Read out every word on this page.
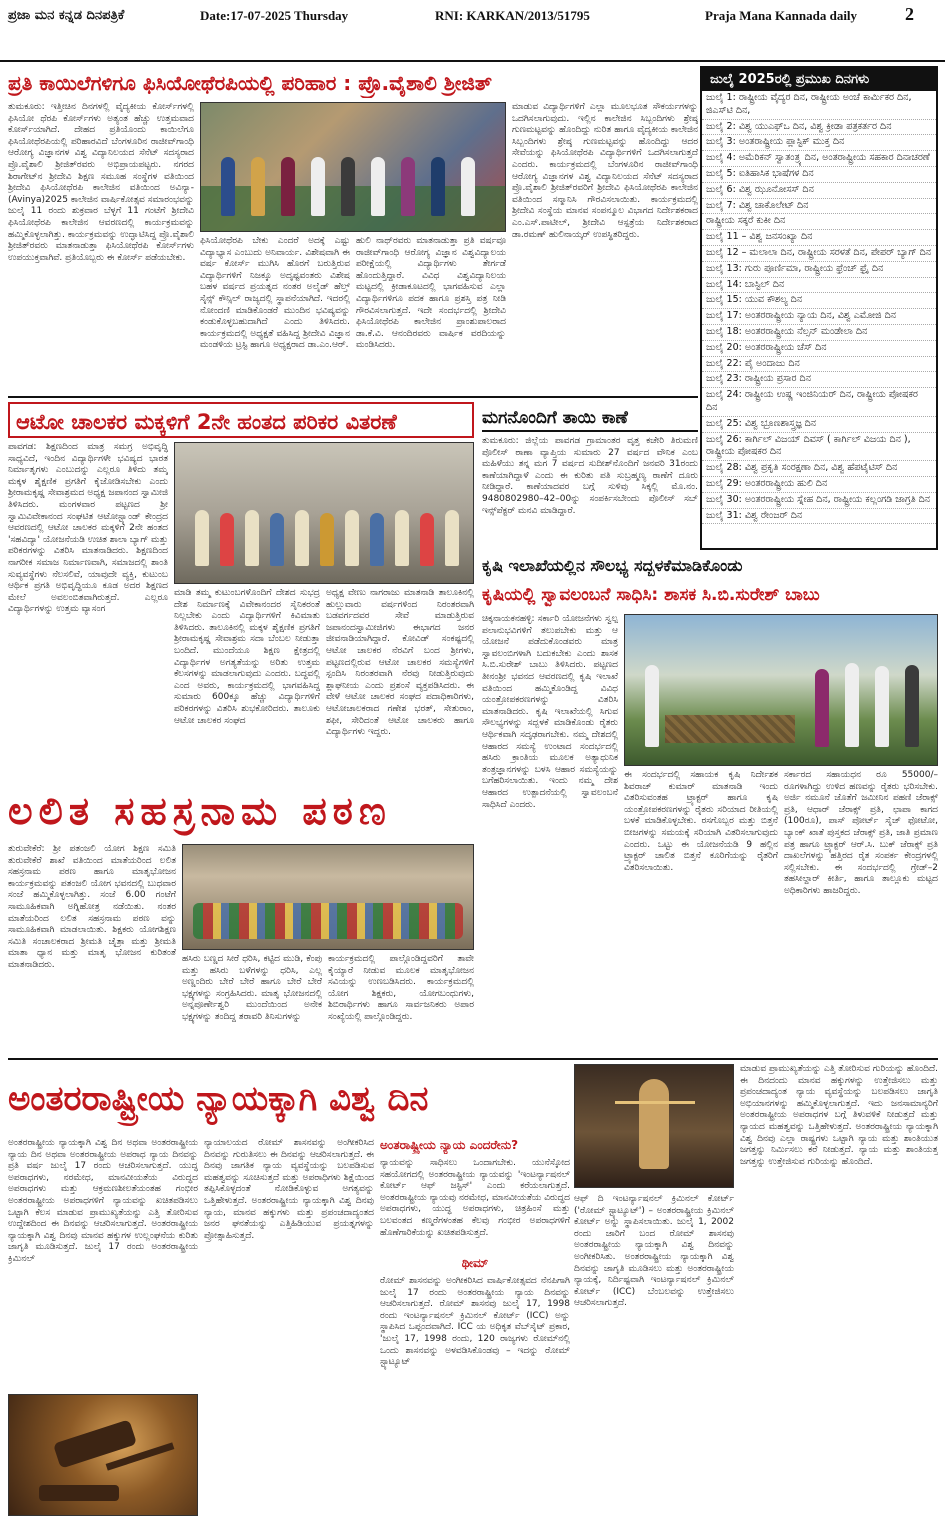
ಪ್ರಜಾ ಮನ ಕನ್ನಡ ದಿನಪತ್ರಿಕೆ	Date:17-07-2025 Thursday	RNI: KARKAN/2013/51795	Praja Mana Kannada daily	2
ಪ್ರತಿ ಕಾಯಿಲೆಗಳಿಗೂ ಫಿಸಿಯೋಥೆರಪಿಯಲ್ಲಿ ಪರಿಹಾರ : ಪ್ರೊ.ವೈಶಾಲಿ ಶ್ರೀಜಿತ್	ಜುಲೈ 2025ರಲ್ಲಿ ಪ್ರಮುಖ ದಿನಗಳು
ಜುಲೈ 1: ರಾಷ್ಟ್ರೀಯ ವೈದ್ಯರ ದಿನ, ರಾಷ್ಟ್ರೀಯ ಅಂಚೆ ಕಾರ್ಮಿಕರ ದಿನ, ಜಿಎಸ್‌ಟಿ ದಿನ,
ಜುಲೈ 2: ವಿಶ್ವ ಯುಎಫ್‌ಒ ದಿನ, ವಿಶ್ವ ಕ್ರೀಡಾ ಪತ್ರಕರ್ತರ ದಿನ
ಜುಲೈ 3: ಅಂತರಾಷ್ಟ್ರೀಯ ಪ್ಲಾಸ್ಟಿಕ್ ಮುಕ್ತ ದಿನ
ಜುಲೈ 4: ಅಮೆರಿಕನ್ ಸ್ವಾತಂತ್ರ್ಯ ದಿನ, ಅಂತರಾಷ್ಟ್ರೀಯ ಸಹಕಾರ ದಿನಾಚರಣೆ
ಜುಲೈ 5: ಐತಿಹಾಸಿಕ ಭಾಷೆಗಳ ದಿನ
ಜುಲೈ 6: ವಿಶ್ವ ಝೂನೋಸಸ್ ದಿನ
ಜುಲೈ 7: ವಿಶ್ವ ಚಾಕೊಲೇಟ್ ದಿನ
ರಾಷ್ಟ್ರೀಯ ಸಕ್ಕರೆ ಕುಕೀ ದಿನ
ಜುಲೈ 11 – ವಿಶ್ವ ಜನಸಂಖ್ಯಾ ದಿನ
ಜುಲೈ 12 – ಮಲಾಲಾ ದಿನ, ರಾಷ್ಟ್ರೀಯ ಸರಳತೆ ದಿನ, ಪೇಪರ್ ಬ್ಯಾಗ್ ದಿನ
ಜುಲೈ 13: ಗುರು ಪೂರ್ಣಿಮಾ, ರಾಷ್ಟ್ರೀಯ ಫ್ರೆಂಚ್ ಫ್ರೈ ದಿನ
ಜುಲೈ 14: ಬಾಸ್ಟಿಲ್ ದಿನ
ಜುಲೈ 15: ಯುವ ಕೌಶಲ್ಯ ದಿನ
ಜುಲೈ 17: ಅಂತರರಾಷ್ಟ್ರೀಯ ನ್ಯಾಯ ದಿನ, ವಿಶ್ವ ಎಮೋಜಿ ದಿನ
ಜುಲೈ 18: ಅಂತರರಾಷ್ಟ್ರೀಯ ನೆಲ್ಸನ್ ಮಂಡೇಲಾ ದಿನ
ಜುಲೈ 20: ಅಂತರರಾಷ್ಟ್ರೀಯ ಚೆಸ್ ದಿನ
ಜುಲೈ 22: ಪೈ ಅಂದಾಜು ದಿನ
ಜುಲೈ 23: ರಾಷ್ಟ್ರೀಯ ಪ್ರಸಾರ ದಿನ
ಜುಲೈ 24: ರಾಷ್ಟ್ರೀಯ ಉಷ್ಣ ಇಂಜಿನಿಯರ್ ದಿನ, ರಾಷ್ಟ್ರೀಯ ಪೋಷಕರ ದಿನ
ಜುಲೈ 25: ವಿಶ್ವ ಭ್ರೂಣಶಾಸ್ತ್ರಜ್ಞ ದಿನ
ಜುಲೈ 26: ಕಾರ್ಗಿಲ್ ವಿಜಯ್ ದಿವಸ್ ( ಕಾರ್ಗಿಲ್ ವಿಜಯ ದಿನ ), ರಾಷ್ಟ್ರೀಯ ಪೋಷಕರ ದಿನ
ಜುಲೈ 28: ವಿಶ್ವ ಪ್ರಕೃತಿ ಸಂರಕ್ಷಣಾ ದಿನ, ವಿಶ್ವ ಹೆಪಟೈಟಿಸ್ ದಿನ
ಜುಲೈ 29: ಅಂತರರಾಷ್ಟ್ರೀಯ ಹುಲಿ ದಿನ
ಜುಲೈ 30: ಅಂತರರಾಷ್ಟ್ರೀಯ ಸ್ನೇಹ ದಿನ, ರಾಷ್ಟ್ರೀಯ ಕಲ್ಲಂಗಡಿ ಜಾಗ್ರತಿ ದಿನ
ಜುಲೈ 31: ವಿಶ್ವ ರೇಂಜರ್ ದಿನ
ತುಮಕೂರು: ಇತ್ತೀಚಿನ ದಿನಗಳಲ್ಲಿ ವೈದ್ಯಕೀಯ ಕೋರ್ಸ್‌ಗಳಲ್ಲಿ ಫಿಸಿಯೋ ಥೆರಪಿ ಕೋರ್ಸ್‌ಗಳು ಅತ್ಯಂತ ಹೆಚ್ಚು ಉತ್ತಮವಾದ ಕೋರ್ಸ್‌ಯಾಗಿದೆ. ದೇಹದ ಪ್ರತಿಯೊಂದು ಕಾಯಿಲೆಗೂ ಫಿಸಿಯೋಥೆರಪಿಯಲ್ಲಿ ಪರಿಹಾರವಿದೆ ಬೆಂಗಳೂರಿನ ರಾಜೀವ್‌ಗಾಂಧಿ ಆರೋಗ್ಯ ವಿಜ್ಞಾನಗಳ ವಿಶ್ವ ವಿದ್ಯಾನಿಲಯದ ಸೆನೆಟ್ ಸದಸ್ಯರಾದ ಪ್ರೊ.ವೈಶಾಲಿ ಶ್ರೀಜಿತ್‌ರವರು ಅಭಿಪ್ರಾಯಪಟ್ಟರು. ನಗರದ ಶಿರಾಗೇಟ್‌ನ ಶ್ರೀದೇವಿ ಶಿಕ್ಷಣ ಸಮೂಹ ಸಂಸ್ಥೆಗಳ ವತಿಯಿಂದ ಶ್ರೀದೇವಿ ಫಿಸಿಯೋಥೆರಪಿ ಕಾಲೇಜಿನ ವತಿಯಿಂದ ಅವಿನ್ಯಾ-(Avinya)2025 ಕಾಲೇಜಿನ ವಾರ್ಷಿಕೋತ್ಸವ ಸಮಾರಂಭವನ್ನು ಜುಲೈ 11 ರಂದು ಶುಕ್ರವಾರ ಬೆಳ್ಳಗೆ 11 ಗಂಟೆಗೆ ಶ್ರೀದೇವಿ ಫಿಸಿಯೋಥೆರಪಿ ಕಾಲೇಜಿನ ಆವರಣದಲ್ಲಿ ಕಾರ್ಯಕ್ರಮವನ್ನು ಹಮ್ಮಿಕೊಳ್ಳಲಾಗಿತ್ತು. ಕಾರ್ಯಕ್ರಮವನ್ನು ಉದ್ಘಾಟಿಸಿದ್ದ ಪ್ರೊ.ವೈಶಾಲಿ ಶ್ರೀಜಿತ್‌ರವರು ಮಾತನಾಡುತ್ತಾ ಫಿಸಿಯೋಥೆರಪಿ ಕೋರ್ಸ್‌ಗಳು ಉಪಯುಕ್ತವಾಗಿವೆ. ಪ್ರತಿಯೊಬ್ಬರು ಈ ಕೋರ್ಸ್ ಪಡೆಯಬೇಕು.
ಫಿಸಿಯೋಥೆರಪಿ ಬೇಕು ಎಂದರೆ ಅದಕ್ಕೆ ಎಷ್ಟು ವಿದ್ಯಾಭ್ಯಾಸ ಎಂಬುದು ಅನಿವಾರ್ಯ. ವಿಶೇಷವಾಗಿ ಈ ವರ್ಷ ಕೋರ್ಸ್ ಮುಗಿಸಿ ಹೊರಗೆ ಬರುತ್ತಿರುವ ವಿದ್ಯಾರ್ಥಿಗಳಿಗೆ ನಿಜಕ್ಕೂ ಅದೃಷ್ಟವಂತರು ವಿಶೇಷ ಬಹಳ ವರ್ಷದ ಪ್ರಯತ್ನದ ನಂತರ ಅಲೈಡ್ ಹೆಲ್ತ್ ಸೈನ್ಸ್ ಕೌನ್ಸಿಲ್ ರಾಜ್ಯದಲ್ಲಿ ಸ್ಥಾಪನೆಯಾಗಿದೆ. ಇದರಲ್ಲಿ ನೋಂದಣಿ ಮಾಡಿಕೊಂಡರೆ ಮುಂದಿನ ಭವಿಷ್ಯವನ್ನು ಕಂಡುಕೊಳ್ಳಬಹುದಾಗಿದೆ ಎಂದು ತಿಳಿಸಿದರು. ಕಾರ್ಯಕ್ರಮದಲ್ಲಿ ಅಧ್ಯಕ್ಷತೆ ವಹಿಸಿದ್ದ ಶ್ರೀದೇವಿ ವಿಜ್ಞಾನ ಮಂಡಳಿಯ ಟ್ರಸ್ಟಿ ಹಾಗೂ ಅಧ್ಯಕ್ಷರಾದ ಡಾ.ಎಂ.ಆರ್.
ಹುಲಿ ನಾಥ್‌ರವರು ಮಾತನಾಡುತ್ತಾ ಪ್ರತಿ ವರ್ಷವೂ ರಾಜೀವ್‌ಗಾಂಧಿ ಆರೋಗ್ಯ ವಿಜ್ಞಾನ ವಿಶ್ವವಿದ್ಯಾಲಯ ಪರೀಕ್ಷೆಯಲ್ಲಿ ವಿದ್ಯಾರ್ಥಿಗಳು ತೇರ್ಗಡೆ ಹೊಂದುತ್ತಿದ್ದಾರೆ. ವಿವಿಧ ವಿಶ್ವವಿದ್ಯಾನಿಲಯ ಮಟ್ಟದಲ್ಲಿ ಕ್ರೀಡಾಕೂಟದಲ್ಲಿ ಭಾಗವಹಿಸುವ ಎಲ್ಲಾ ವಿದ್ಯಾರ್ಥಿಗಳಿಗೂ ಪದಕ ಹಾಗೂ ಪ್ರಶಸ್ತಿ ಪತ್ರ ನೀಡಿ ಗೌರವಿಸಲಾಗುತ್ತದೆ. ಇದೇ ಸಂದರ್ಭದಲ್ಲಿ ಶ್ರೀದೇವಿ ಫಿಸಿಯೋಥೆರಪಿ ಕಾಲೇಜಿನ ಪ್ರಾಂಶುಪಾಲರಾದ ಡಾ.ಕೆ.ವಿ. ಆನಂದಿರವರು ವಾರ್ಷಿಕ ವರದಿಯನ್ನು ಮಂಡಿಸಿದರು.
ಮಾಡುವ ವಿದ್ಯಾರ್ಥಿಗಳಿಗೆ ಎಲ್ಲಾ ಮೂಲಭೂತ ಸೌಕರ್ಯಗಳನ್ನು ಒದಗಿಸಲಾಗುವುದು. ಇಲ್ಲಿನ ಕಾಲೇಜಿನ ಸಿಬ್ಬಂದಿಗಳು ಶ್ರೇಷ್ಠ ಗುಣಮಟ್ಟವನ್ನು ಹೊಂದಿದ್ದು ನುರಿತ ಹಾಗೂ ವೈದ್ಯಕೀಯ ಕಾಲೇಜಿನ ಸಿಬ್ಬಂದಿಗಳು ಶ್ರೇಷ್ಠ ಗುಣಮಟ್ಟವನ್ನು ಹೊಂದಿದ್ದು ಆದರ ಸೇವೆಯನ್ನು ಫಿಸಿಯೋಥೆರಪಿ ವಿದ್ಯಾರ್ಥಿಗಳಿಗೆ ಒದಗಿಸಲಾಗುತ್ತದೆ ಎಂದರು. ಕಾರ್ಯಕ್ರಮದಲ್ಲಿ ಬೆಂಗಳೂರಿನ ರಾಜೀವ್‌ಗಾಂಧಿ ಆರೋಗ್ಯ ವಿಜ್ಞಾನಗಳ ವಿಶ್ವ ವಿದ್ಯಾನಿಲಯದ ಸೆನೆಟ್ ಸದಸ್ಯರಾದ ಪ್ರೊ.ವೈಶಾಲಿ ಶ್ರೀಜಿತ್‌ರವರಿಗೆ ಶ್ರೀದೇವಿ ಫಿಸಿಯೋಥೆರಪಿ ಕಾಲೇಜಿನ ವತಿಯಿಂದ ಸನ್ಮಾನಿಸಿ ಗೌರವಿಸಲಾಯಿತು. ಕಾರ್ಯಕ್ರಮದಲ್ಲಿ ಶ್ರೀದೇವಿ ಸಂಸ್ಥೆಯ ಮಾನವ ಸಂಪನ್ಮೂಲ ವಿಭಾಗದ ನಿರ್ದೇಶಕರಾದ ಎಂ.ಎಸ್.ಪಾಟೀಲ್, ಶ್ರೀದೇವಿ ಆಸ್ಪತ್ರೆಯ ನಿರ್ದೇಶಕರಾದ ಡಾ.ರಮಣ್ ಹುಲಿನಾಯ್ಕರ್ ಉಪಸ್ಥಿತರಿದ್ದರು.
ಆಟೋ ಚಾಲಕರ ಮಕ್ಕಳಿಗೆ 2ನೇ ಹಂತದ ಪರಿಕರ ವಿತರಣೆ	ಮಗನೊಂದಿಗೆ ತಾಯಿ ಕಾಣೆ
ತುಮಕೂರು: ಜಿಲ್ಲೆಯ ಪಾವಗಡ ಗ್ರಾಮಾಂತರ ವೃತ್ತ ಕಚೇರಿ ತಿರುಮಣಿ ಪೊಲೀಸ್ ಠಾಣಾ ವ್ಯಾಪ್ತಿಯ ಸುಮಾರು 27 ವರ್ಷದ ವೌನಿಕ ಎಂಬ ಮಹಿಳೆಯು ತನ್ನ ಮಗ 7 ವರ್ಷದ ಸುದೀಶ್‌ನೊಂದಿಗೆ ಜನವರಿ 31ರಂದು ಕಾಣೆಯಾಗಿದ್ದಾಳೆ ಎಂದು ಈ ಕುರಿತು ಪತಿ ಸುಬ್ರಹ್ಮಣ್ಯ ಠಾಣೆಗೆ ದೂರು ನೀಡಿದ್ದಾರೆ. ಕಾಣೆಯಾದವರ ಬಗ್ಗೆ ಸುಳಿವು ಸಿಕ್ಕಲ್ಲಿ ಮೊ.ನಂ. 9480802980–42–00ನ್ನು ಸಂಪರ್ಕಿಸಬೇಂದು ಪೊಲೀಸ್ ಸಬ್ ಇನ್ಸ್‌ಪೆಕ್ಟರ್ ಮನವಿ ಮಾಡಿದ್ದಾರೆ.
ಪಾವಗಡ: ಶಿಕ್ಷಣದಿಂದ ಮಾತ್ರ ಸಮಗ್ರ ಅಭಿವೃದ್ಧಿ ಸಾಧ್ಯವಿದೆ, ಇಂದಿನ ವಿದ್ಯಾರ್ಥಿಗಳೇ ಭವಿಷ್ಯದ ಭಾರತ ನಿರ್ಮಾತೃಗಳು ಎಂಬುದನ್ನು ಎಲ್ಲರೂ ತಿಳಿದು ತಮ್ಮ ಮಕ್ಕಳ ಶೈಕ್ಷಣಿಕ ಪ್ರಗತಿಗೆ ಕೈಜೋಡಿಸಬೇಕು ಎಂದು ಶ್ರೀರಾಮಕೃಷ್ಣ ಸೇವಾಶ್ರಮದ ಅಧ್ಯಕ್ಷ ಜಪಾನಂದ ಸ್ವಾಮೀಜಿ ತಿಳಿಸಿದರು. ಮಂಗಳವಾರ ಪಟ್ಟಣದ ಶ್ರೀ ಸ್ವಾಮಿವಿವೇಕಾನಂದ ಸಂಘಟಿತ ಆಟೋಸ್ಟ್ಯಾಂಡ್ ಕೇಂದ್ರದ ಆವರಣದಲ್ಲಿ ಆಟೋ ಚಾಲಕರ ಮಕ್ಕಳಿಗೆ 2ನೇ ಹಂತದ 'ಸಹವಿದ್ಯಾ' ಯೋಜನೆಯಡಿ ಉಚಿತ ಶಾಲಾ ಬ್ಯಾಗ್ ಮತ್ತು ಪರಿಕರಗಳನ್ನು ವಿತರಿಸಿ ಮಾತನಾಡಿದರು. ಶಿಕ್ಷಣದಿಂದ ನಾಗರೀಕ ಸಮಾಜ ನಿರ್ಮಾಣವಾಗಿ, ಸಮಾಜದಲ್ಲಿ ಶಾಂತಿ ಸುವ್ಯವಸ್ಥೆಗಳು ನೆಲಸಲಿವೆ, ಯಾವುದೇ ವ್ಯಕ್ತಿ, ಕುಟುಂಬ ಆರ್ಥಿಕ ಪ್ರಗತಿ ಅಭಿವೃದ್ಧಿಯೂ ಕೂಡ ಅದರ ಶಿಕ್ಷಣದ ಮೇಲೆ ಅವಲಂಬಿತವಾಗಿರುತ್ತದೆ. ಎಲ್ಲರೂ ವಿದ್ಯಾರ್ಥಿಗಳನ್ನು ಉತ್ತಮ ವ್ಯಾಸಂಗ
ಮಾಡಿ ತಮ್ಮ ಕುಟುಂಬಗಳೊಂದಿಗೆ ದೇಶದ ಸುಭದ್ರ ದೇಶ ನಿರ್ಮಾಣಕ್ಕೆ ವಿವೇಕಾನಂದರ ಸೈನಿಕರಂತೆ ನಿಲ್ಲಬೇಕು ಎಂದು ವಿದ್ಯಾರ್ಥಿಗಳಿಗೆ ಕಿವಿಮಾತು ತಿಳಿಸಿದರು. ತಾಲೂಕಿನಲ್ಲಿ ಮಕ್ಕಳ ಶೈಕ್ಷಣಿಕ ಪ್ರಗತಿಗೆ ಶ್ರೀರಾಮಕೃಷ್ಣ ಸೇವಾಶ್ರಮ ಸದಾ ಬೆಂಬಲ ನೀಡುತ್ತಾ ಬಂದಿದೆ. ಮುಂದೆಯೂ ಶಿಕ್ಷಣ ಕ್ಷೇತ್ರದಲ್ಲಿ ವಿದ್ಯಾರ್ಥಿಗಳ ಅಗತ್ಯತೆಯನ್ನು ಅರಿತು ಉತ್ತಮ ಕೆಲಸಗಳನ್ನು ಮಾಡಲಾಗುವುದು ಎಂದರು. ಬದ್ಧವಲ್ಲಿ ಎಂದ ಅವರು, ಕಾರ್ಯಕ್ರಮದಲ್ಲಿ ಭಾಗವಹಿಸಿದ್ದ ಸುಮಾರು 600ಕ್ಕೂ ಹೆಚ್ಚು ವಿದ್ಯಾರ್ಥಿಗಳಿಗೆ ಪರಿಕರಗಳನ್ನು ವಿತರಿಸಿ ಶುಭಕೋರಿದರು. ತಾಲೂಕು ಆಟೋ ಚಾಲಕರ ಸಂಘದ
ಅಧ್ಯಕ್ಷ ವೇಣು ನಾಗರಾಜು ಮಾತನಾಡಿ ತಾಲೂಕಿನಲ್ಲಿ ಹುಲ್ಲುವಾರು ವರ್ಷಗಳಿಂದ ನಿರಂತರವಾಗಿ ಬಡವರ್ಗದವರ ಸೇವೆ ಮಾಡುತ್ತಿರುವ ಜಪಾನಂದಸ್ವಾಮೀಜಿಗಳು ಈಭಾಗದ ಜನರ ಜೀವನಾಡಿಯಾಗಿದ್ದಾರೆ. ಕೋವಿಡ್ ಸಂಕಷ್ಟದಲ್ಲಿ ಆಟೋ ಚಾಲಕರ ನೆರವಿಗೆ ಬಂದ ಶ್ರೀಗಳು, ಪಟ್ಟಣದಲ್ಲಿರುವ ಆಟೋ ಚಾಲಕರ ಸಮಸ್ಯೆಗಳಿಗೆ ಸ್ಪಂದಿಸಿ ನಿರಂತರವಾಗಿ ನೆರವು ನೀಡುತ್ತಿರುವುದು ಶ್ಲಾಘನೀಯ ಎಂದು ಪ್ರಶಂಸೆ ವ್ಯಕ್ತಪಡಿಸಿದರು. ಈ ವೇಳೆ ಆಟೋ ಚಾಲಕರ ಸಂಘದ ಪದಾಧಿಕಾರಿಗಳು, ಆಟೋಚಾಲಕರಾದ ಗಣೇಶ ಭರತ್, ಸೇತುರಾಂ, ಶಫೀ, ಸೇರಿದಂತೆ ಆಟೋ ಚಾಲಕರು ಹಾಗೂ ವಿದ್ಯಾರ್ಥಿಗಳು ಇದ್ದರು.
ಕೃಷಿ ಇಲಾಖೆಯಲ್ಲಿನ ಸೌಲಭ್ಯ ಸದ್ಬಳಕೆಮಾಡಿಕೊಂಡು
ಕೃಷಿಯಲ್ಲಿ ಸ್ವಾವಲಂಬನೆ ಸಾಧಿಸಿ: ಶಾಸಕ ಸಿ.ಬಿ.ಸುರೇಶ್ ಬಾಬು
ಚಿಕ್ಕನಾಯಕನಹಳ್ಳಿ: ಸರ್ಕಾರಿ ಯೋಜನೆಗಳು ಸ್ವಲ್ಪ ಪಲಾನುಭವಿಗಳಿಗೆ ತಲುಪಬೇಕು ಮತ್ತು ಆ ಯೋಜನೆ ಪಡೆದುಕೊಂಡವರು ಮಾತ್ರ ಸ್ವಾವಲಂಬಿಗಳಾಗಿ ಬದುಕಬೇಕು ಎಂದು ಶಾಸಕ ಸಿ.ಬಿ.ಸುರೇಶ್ ಬಾಬು ತಿಳಿಸಿದರು. ಪಟ್ಟಣದ ತೀನಂಶ್ರೀ ಭವನದ ಆವರಣದಲ್ಲಿ ಕೃಷಿ ಇಲಾಖೆ ವತಿಯಿಂದ ಹಮ್ಮಿಕೊಂಡಿದ್ದ ವಿವಿಧ ಯಂತ್ರೋಪಕರಣಗಳನ್ನು ವಿತರಿಸಿ ಮಾತನಾಡಿದರು. ಕೃಷಿ ಇಲಾಖೆಯಲ್ಲಿ ಸಿಗುವ ಸೌಲಭ್ಯಗಳನ್ನು ಸದ್ಬಳಕೆ ಮಾಡಿಕೊಂಡು ರೈತರು ಆರ್ಥಿಕವಾಗಿ ಸದೃಢರಾಗಬೇಕು. ನಮ್ಮ ದೇಶದಲ್ಲಿ ಆಹಾರದ ಸಮಸ್ಯೆ ಉಂಟಾದ ಸಂದರ್ಭದಲ್ಲಿ ಹಸಿರು ಕ್ರಾಂತಿಯ ಮೂಲಕ ಅತ್ಯಾಧುನಿಕ ತಂತ್ರಜ್ಞಾನಗಳನ್ನು ಬಳಸಿ ಆಹಾರ ಸಮಸ್ಯೆಯನ್ನು ಬಗೆಹರಿಸಲಾಯಿತು. ಇಂದು ನಮ್ಮ ದೇಶ ಆಹಾರದ ಉತ್ಪಾದನೆಯಲ್ಲಿ ಸ್ವಾವಲಂಬನೆ ಸಾಧಿಸಿದೆ ಎಂದರು.
ಈ ಸಂದರ್ಭದಲ್ಲಿ ಸಹಾಯಕ ಕೃಷಿ ನಿರ್ದೇಶಕ ಶಿವರಾಜ್ ಕುಮಾರ್ ಮಾತನಾಡಿ ಇಂದು ವಿತರಿಸುವಂತಹ ಟ್ರ್ಯಾಕ್ಟರ್ ಹಾಗೂ ಕೃಷಿ ಯಂತ್ರೋಪಕರಣಗಳನ್ನು ರೈತರು ಸರಿಯಾದ ರೀತಿಯಲ್ಲಿ ಬಳಕೆ ಮಾಡಿಕೊಳ್ಳಬೇಕು. ರಸಗೊಬ್ಬರ ಮತ್ತು ಬಿತ್ತನೆ ಬೀಜಗಳನ್ನು ಸಮಯಕ್ಕೆ ಸರಿಯಾಗಿ ವಿತರಿಸಲಾಗುವುದು ಎಂದರು. ಒಟ್ಟು ಈ ಯೋಜನೆಯಡಿ 9 ಹಲ್ಲಿನ ಟ್ರ್ಯಾಕ್ಟರ್ ಚಾಲಿತ ಬಿತ್ತನೆ ಕೂರಿಗೆಯನ್ನು ರೈತರಿಗೆ ವಿತರಿಸಲಾಯಿತು.
ಸರ್ಕಾರದ ಸಹಾಯಧನ ರೂ 55000/– ರೂಗಳಾಗಿದ್ದು ಉಳಿದ ಹಣವನ್ನು ರೈತರು ಭರಿಸಬೇಕು. ಅರ್ಜಿ ನಮೂನೆ ಜೊತೆಗೆ ಜಮೀನಿನ ಪಹಣಿ ಜೆರಾಕ್ಸ್ ಪ್ರತಿ, ಆಧಾರ್ ಜೆರಾಕ್ಸ್ ಪ್ರತಿ, ಛಾಪಾ ಕಾಗದ (100ರೂ), ಪಾಸ್ ಪೋರ್ಟ್ ಸೈಜ್ ಫೋಟೋ, ಬ್ಯಾಂಕ್ ಖಾತೆ ಪುಸ್ತಕದ ಜೆರಾಕ್ಸ್ ಪ್ರತಿ, ಜಾತಿ ಪ್ರಮಾಣ ಪತ್ರ ಹಾಗೂ ಟ್ರ್ಯಾಕ್ಟರ್ ಆರ್.ಸಿ. ಬುಕ್ ಜೆರಾಕ್ಸ್ ಪ್ರತಿ ದಾಖಲೆಗಳನ್ನು ಹತ್ತಿರದ ರೈತ ಸಂಪರ್ಕ ಕೇಂದ್ರಗಳಲ್ಲಿ ಸಲ್ಲಿಸಬೇಕು. ಈ ಸಂದರ್ಭದಲ್ಲಿ ಗ್ರೇಡ್–2 ತಹಸೀಲ್ದಾರ್ ಕೀರ್ತಿ, ಹಾಗೂ ತಾಲ್ಲೂಕು ಮಟ್ಟದ ಅಧಿಕಾರಿಗಳು ಹಾಜರಿದ್ದರು.
ಲಲಿತ ಸಹಸ್ರನಾಮ ಪಠಣ
ತುರುವೇಕೆರೆ: ಶ್ರೀ ಪತಂಜಲಿ ಯೋಗ ಶಿಕ್ಷಣ ಸಮಿತಿ ತುರುವೇಕೆರೆ ಶಾಖೆ ವತಿಯಿಂದ ಮಾತೆಯರಿಂದ ಲಲಿತ ಸಹಸ್ರನಾಮ ಪಠಣ ಹಾಗೂ ಮಾತೃಭೋಜನ ಕಾರ್ಯಕ್ರಮವನ್ನು ಪತಂಜಲಿ ಯೋಗ ಭವನದಲ್ಲಿ ಬುಧವಾರ ಸಂಜೆ ಹಮ್ಮಿಕೊಳ್ಳಲಾಗಿತ್ತು. ಸಂಜೆ 6.00 ಗಂಟೆಗೆ ಸಾಮೂಹಿಕವಾಗಿ ಅಗ್ನಿಹೋತ್ರ ನಡೆಯಿತು. ನಂತರ ಮಾತೆಯರಿಂದ ಲಲಿತ ಸಹಸ್ರನಾಮ ಪಠಣ ವನ್ನು ಸಾಮೂಹಿಕವಾಗಿ ಮಾಡಲಾಯಿತು. ಶಿಕ್ಷಕರು ಯೋಗಶಿಕ್ಷಣ ಸಮಿತಿ ಸಂಚಾಲಕರಾದ ಶ್ರೀಮತಿ ಚೈತ್ರಾ ಮತ್ತು ಶ್ರೀಮತಿ ಮಾತಾ ಧ್ಯಾನ ಮತ್ತು ಮಾತೃ ಭೋಜನ ಕುರಿತಂತೆ ಮಾತನಾಡಿದರು.
ಹಸಿರು ಬಣ್ಣದ ಸೀರೆ ಧರಿಸಿ, ಕಟ್ಟಿದ ಮುಡಿ, ಕೆಂಪು ಮತ್ತು ಹಸಿರು ಬಳೆಗಳನ್ನು ಧರಿಸಿ, ಎಲ್ಲ ಅಣ್ಣಂದಿರು ಬೇರೆ ಬೇರೆ ಹಾಗೂ ಬೇರೆ ಬೇರೆ ಭಕ್ಷ್ಯಗಳನ್ನು ಸಂಗ್ರಹಿಸಿದರು. ಮಾತೃ ಭೋಜನದಲ್ಲಿ ಅನ್ನಪೂರ್ಣೇಶ್ವರಿ ಮುಂದೆಯಿಂದ ಅನೇಕ ಭಕ್ಷ್ಯಗಳನ್ನು ತಂದಿದ್ದ ತರಾವರಿ ತಿನಿಸುಗಳನ್ನು
ಕಾರ್ಯಕ್ರಮದಲ್ಲಿ ಪಾಲ್ಗೊಂಡಿದ್ದವರಿಗೆ ತಾವೇ ಕೈಯ್ಯಾರೆ ನೀಡುವ ಮೂಲಕ ಮಾತೃಭೋಜನ ಸವಿಯನ್ನು ಉಣಬಡಿಸಿದರು. ಕಾರ್ಯಕ್ರಮದಲ್ಲಿ ಯೋಗ ಶಿಕ್ಷಕರು, ಯೋಗಬಂಧುಗಳು, ಶಿಬಿರಾರ್ಥಿಗಳು ಹಾಗೂ ಸಾರ್ವಜನಿಕರು ಅಪಾರ ಸಂಖ್ಯೆಯಲ್ಲಿ ಪಾಲ್ಗೊಂಡಿದ್ದರು.
ಅಂತರರಾಷ್ಟ್ರೀಯ ನ್ಯಾಯಕ್ಕಾಗಿ ವಿಶ್ವ ದಿನ
ಮಾಡುವ ಪ್ರಾಮುಖ್ಯತೆಯನ್ನು ಎತ್ತಿ ತೋರಿಸುವ ಗುರಿಯನ್ನು ಹೊಂದಿದೆ. ಈ ದಿನದಂದು ಮಾನವ ಹಕ್ಕುಗಳನ್ನು ಉತ್ತೇಜಿಸಲು ಮತ್ತು ಪ್ರಪಂಚದಾದ್ಯಂತ ನ್ಯಾಯ ವ್ಯವಸ್ಥೆಯನ್ನು ಬಲಪಡಿಸಲು ಜಾಗೃತಿ ಅಭಿಯಾನಗಳನ್ನು ಹಮ್ಮಿಕೊಳ್ಳಲಾಗುತ್ತದೆ. ಇದು ಜನಸಾಮಾನ್ಯರಿಗೆ ಅಂತರರಾಷ್ಟ್ರೀಯ ಅಪರಾಧಗಳ ಬಗ್ಗೆ ತಿಳುವಳಿಕೆ ನೀಡುತ್ತದೆ ಮತ್ತು ನ್ಯಾಯದ ಮಹತ್ವವನ್ನು ಒತ್ತಿಹೇಳುತ್ತದೆ. ಅಂತರರಾಷ್ಟ್ರೀಯ ನ್ಯಾಯಕ್ಕಾಗಿ ವಿಶ್ವ ದಿನವು ಎಲ್ಲಾ ರಾಷ್ಟ್ರಗಳು ಒಟ್ಟಾಗಿ ನ್ಯಾಯ ಮತ್ತು ಶಾಂತಿಯುತ ಜಗತ್ತನ್ನು ನಿರ್ಮಿಸಲು ಕರೆ ನೀಡುತ್ತದೆ. ನ್ಯಾಯ ಮತ್ತು ಶಾಂತಿಯತ್ತ ಜಗತ್ತನ್ನು ಉತ್ತೇಜಿಸುವ ಗುರಿಯನ್ನು ಹೊಂದಿದೆ.
ಅಂತರರಾಷ್ಟ್ರೀಯ ನ್ಯಾಯಕ್ಕಾಗಿ ವಿಶ್ವ ದಿನ ಅಥವಾ ಅಂತರರಾಷ್ಟ್ರೀಯ ನ್ಯಾಯ ದಿನ ಅಥವಾ ಅಂತರರಾಷ್ಟ್ರೀಯ ಅಪರಾಧ ನ್ಯಾಯ ದಿನವನ್ನು ಪ್ರತಿ ವರ್ಷ ಜುಲೈ 17 ರಂದು ಆಚರಿಸಲಾಗುತ್ತದೆ. ಯುದ್ಧ ಅಪರಾಧಗಳು, ನರಮೇಧ, ಮಾನವೀಯತೆಯ ವಿರುದ್ಧದ ಅಪರಾಧಗಳು ಮತ್ತು ಆಕ್ರಮಣಶೀಲತೆಯಂತಹ ಗಂಭೀರ ಅಂತರರಾಷ್ಟ್ರೀಯ ಅಪರಾಧಗಳಿಗೆ ನ್ಯಾಯವನ್ನು ಖಚಿತಪಡಿಸಲು ಒಟ್ಟಾಗಿ ಕೆಲಸ ಮಾಡುವ ಪ್ರಾಮುಖ್ಯತೆಯನ್ನು ಎತ್ತಿ ತೋರಿಸುವ ಉದ್ದೇಶದಿಂದ ಈ ದಿನವನ್ನು ಆಚರಿಸಲಾಗುತ್ತದೆ. ಅಂತರರಾಷ್ಟ್ರೀಯ ನ್ಯಾಯಕ್ಕಾಗಿ ವಿಶ್ವ ದಿನವು ಮಾನವ ಹಕ್ಕುಗಳ ಉಲ್ಲಂಘನೆಯ ಕುರಿತು ಜಾಗೃತಿ ಮೂಡಿಸುತ್ತದೆ. ಜುಲೈ 17 ರಂದು ಅಂತರರಾಷ್ಟ್ರೀಯ ಕ್ರಿಮಿನಲ್
ನ್ಯಾಯಾಲಯದ ರೋಮ್ ಶಾಸನವನ್ನು ಅಂಗೀಕರಿಸಿದ ದಿನವನ್ನು ಗುರುತಿಸಲು ಈ ದಿನವನ್ನು ಆಚರಿಸಲಾಗುತ್ತದೆ. ಈ ದಿನವು ಜಾಗತಿಕ ನ್ಯಾಯ ವ್ಯವಸ್ಥೆಯನ್ನು ಬಲಪಡಿಸುವ ಮಹತ್ವವನ್ನು ಸೂಚಿಸುತ್ತದೆ ಮತ್ತು ಅಪರಾಧಿಗಳು ಶಿಕ್ಷೆಯಿಂದ ತಪ್ಪಿಸಿಕೊಳ್ಳದಂತೆ ನೋಡಿಕೊಳ್ಳುವ ಅಗತ್ಯವನ್ನು ಒತ್ತಿಹೇಳುತ್ತದೆ. ಅಂತರರಾಷ್ಟ್ರೀಯ ನ್ಯಾಯಕ್ಕಾಗಿ ವಿಶ್ವ ದಿನವು ನ್ಯಾಯ, ಮಾನವ ಹಕ್ಕುಗಳು ಮತ್ತು ಪ್ರಪಂಚದಾದ್ಯಂತದ ಜನರ ಘನತೆಯನ್ನು ಎತ್ತಿಹಿಡಿಯುವ ಪ್ರಯತ್ನಗಳನ್ನು ಪ್ರೋತ್ಸಾಹಿಸುತ್ತದೆ.
ಅಂತರಾಷ್ಟ್ರೀಯ ನ್ಯಾಯ ಎಂದರೇನು?
ನ್ಯಾಯವನ್ನು ಸಾಧಿಸಲು ಒಂದಾಗಬೇಕು. ಯುನೆಸ್ಕೋದ ಸಹಯೋಗದಲ್ಲಿ ಅಂತರರಾಷ್ಟ್ರೀಯ ನ್ಯಾಯವನ್ನು 'ಇಂಟರ್ನ್ಯಾಷನಲ್ ಕೋರ್ಟ್ ಆಫ್ ಜಸ್ಟಿಸ್' ಎಂದು ಕರೆಯಲಾಗುತ್ತದೆ. ಅಂತರರಾಷ್ಟ್ರೀಯ ನ್ಯಾಯವು ನರಮೇಧ, ಮಾನವೀಯತೆಯ ವಿರುದ್ಧದ ಅಪರಾಧಗಳು, ಯುದ್ಧ ಅಪರಾಧಗಳು, ಚಿತ್ರಹಿಂಸೆ ಮತ್ತು ಬಲವಂತದ ಕಣ್ಮರೆಗಳಂತಹ ಕೆಲವು ಗಂಭೀರ ಅಪರಾಧಗಳಿಗೆ ಹೊಣೆಗಾರಿಕೆಯನ್ನು ಖಚಿತಪಡಿಸುತ್ತದೆ.
ಥೀಮ್
ರೋಮ್ ಶಾಸನವನ್ನು ಅಂಗೀಕರಿಸಿದ ವಾರ್ಷಿಕೋತ್ಸವದ ನೆನಪಿಗಾಗಿ ಜುಲೈ 17 ರಂದು ಅಂತರರಾಷ್ಟ್ರೀಯ ನ್ಯಾಯ ದಿನವನ್ನು ಆಚರಿಸಲಾಗುತ್ತದೆ. ರೋಮ್ ಶಾಸನವು ಜುಲೈ 17, 1998 ರಂದು ಇಂಟರ್ನ್ಯಾಷನಲ್ ಕ್ರಿಮಿನಲ್ ಕೋರ್ಟ್ (ICC) ಅನ್ನು ಸ್ಥಾಪಿಸಿದ ಒಪ್ಪಂದವಾಗಿದೆ. ICC ಯ ಅಧಿಕೃತ ವೆಬ್‌ಸೈಟ್ ಪ್ರಕಾರ, 'ಜುಲೈ 17, 1998 ರಂದು, 120 ರಾಜ್ಯಗಳು ರೋಮ್‌ನಲ್ಲಿ ಒಂದು ಶಾಸನವನ್ನು ಅಳವಡಿಸಿಕೊಂಡವು – ಇದನ್ನು ರೋಮ್ ಸ್ಟ್ಯಾಟ್ಯೂಟ್
ಆಫ್ ದಿ ಇಂಟರ್ನ್ಯಾಷನಲ್ ಕ್ರಿಮಿನಲ್ ಕೋರ್ಟ್ ('ರೋಮ್ ಸ್ಟ್ಯಾಟ್ಯೂಟ್') – ಅಂತರರಾಷ್ಟ್ರೀಯ ಕ್ರಿಮಿನಲ್ ಕೋರ್ಟ್ ಅನ್ನು ಸ್ಥಾಪಿಸಲಾಯಿತು. ಜುಲೈ 1, 2002 ರಂದು ಜಾರಿಗೆ ಬಂದ ರೋಮ್ ಶಾಸನವು ಅಂತರರಾಷ್ಟ್ರೀಯ ನ್ಯಾಯಕ್ಕಾಗಿ ವಿಶ್ವ ದಿನವನ್ನು ಅಂಗೀಕರಿಸಿತು. ಅಂತರರಾಷ್ಟ್ರೀಯ ನ್ಯಾಯಕ್ಕಾಗಿ ವಿಶ್ವ ದಿನವನ್ನು ಜಾಗೃತಿ ಮೂಡಿಸಲು ಮತ್ತು ಅಂತರರಾಷ್ಟ್ರೀಯ ನ್ಯಾಯಕ್ಕೆ, ನಿರ್ದಿಷ್ಟವಾಗಿ ಇಂಟರ್ನ್ಯಾಷನಲ್ ಕ್ರಿಮಿನಲ್ ಕೋರ್ಟ್ (ICC) ಬೆಂಬಲವನ್ನು ಉತ್ತೇಜಿಸಲು ಆಚರಿಸಲಾಗುತ್ತದೆ.
